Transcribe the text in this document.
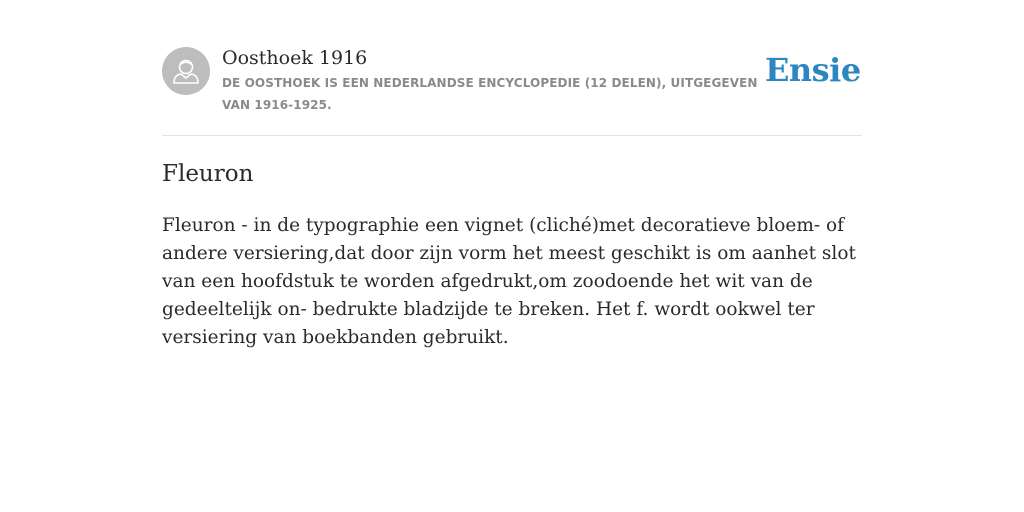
Oosthoek 1916
DE OOSTHOEK IS EEN NEDERLANDSE ENCYCLOPEDIE (12 DELEN), UITGEGEVEN VAN 1916-1925.
Ensie
Fleuron
Fleuron - in de typographie een vignet (cliché)met decoratieve bloem- of andere versiering,dat door zijn vorm het meest geschikt is om aanhet slot van een hoofdstuk te worden afgedrukt,om zoodoende het wit van de gedeeltelijk on- bedrukte bladzijde te breken. Het f. wordt ookwel ter versiering van boekbanden gebruikt.
